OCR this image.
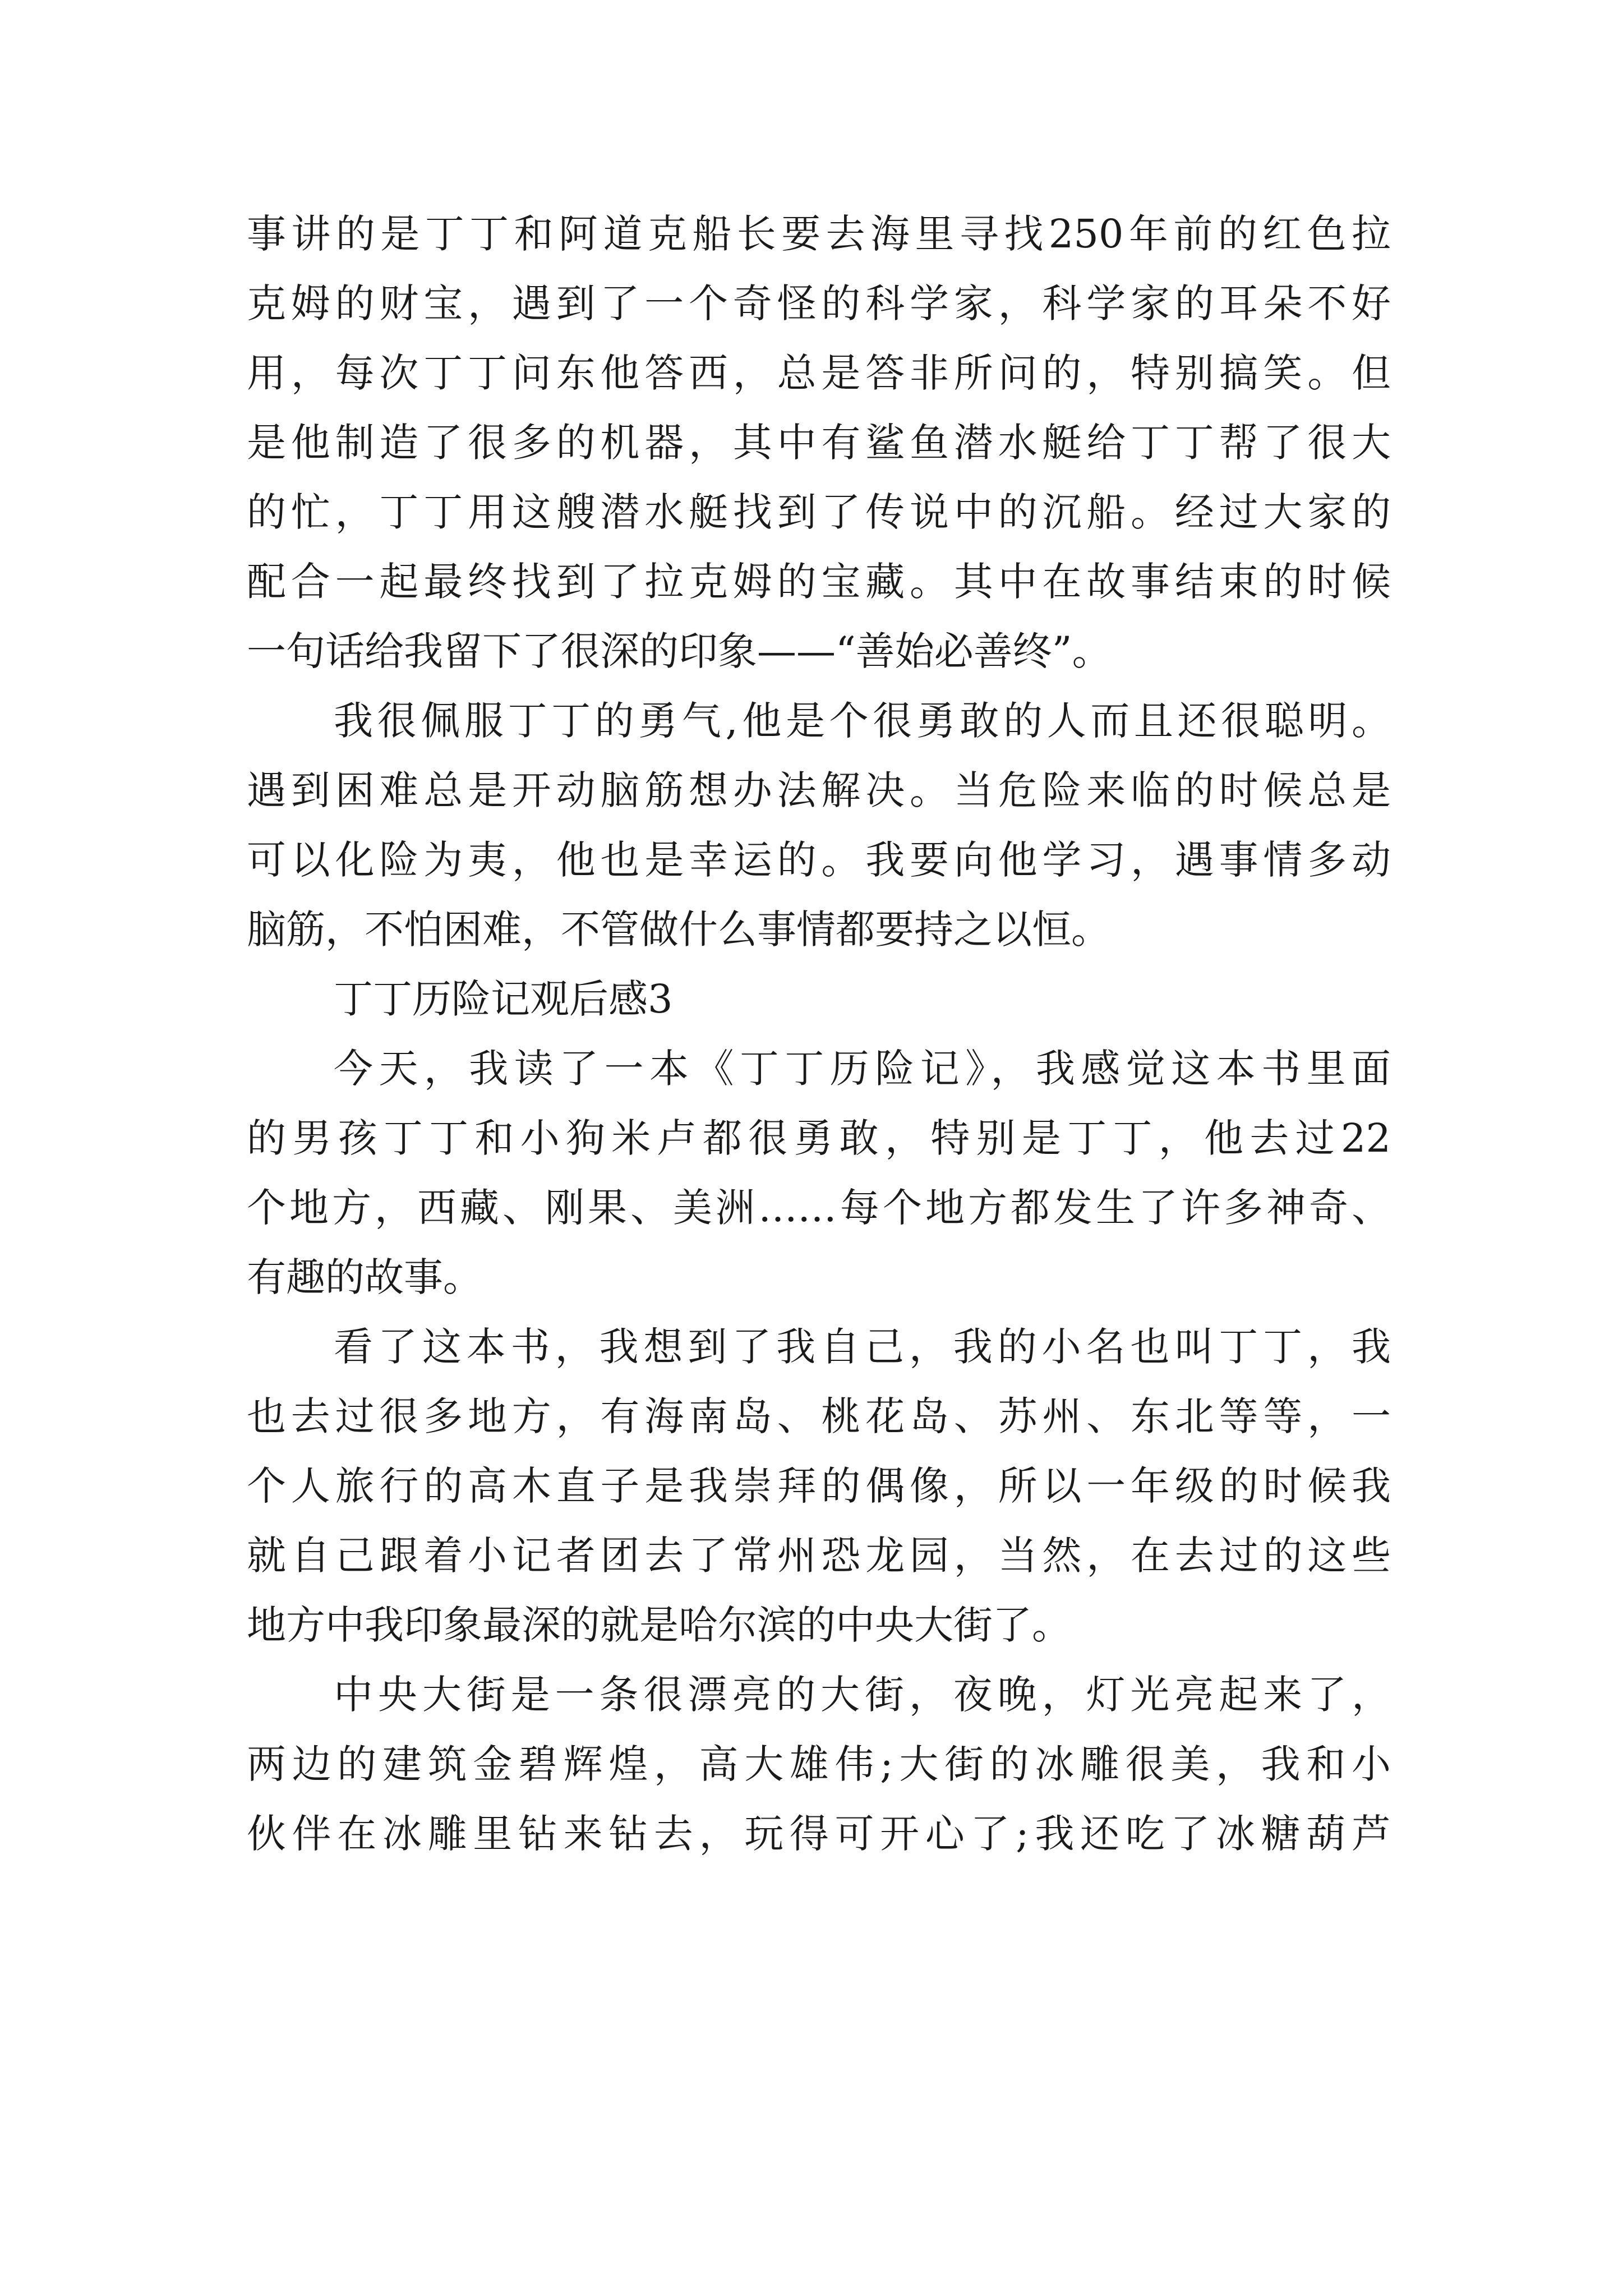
事讲的是丁丁和阿道克船长要去海里寻找250年前的红色拉
克姆的财宝，遇到了一个奇怪的科学家，科学家的耳朵不好
用，每次丁丁问东他答西，总是答非所问的，特别搞笑。但
是他制造了很多的机器，其中有鲨鱼潜水艇给丁丁帮了很大
的忙，丁丁用这艘潜水艇找到了传说中的沉船。经过大家的
配合一起最终找到了拉克姆的宝藏。其中在故事结束的时候
一句话给我留下了很深的印象——“善始必善终”。
我很佩服丁丁的勇气,他是个很勇敢的人而且还很聪明。
遇到困难总是开动脑筋想办法解决。当危险来临的时候总是
可以化险为夷，他也是幸运的。我要向他学习，遇事情多动
脑筋，不怕困难，不管做什么事情都要持之以恒。
丁丁历险记观后感3
今天，我读了一本《丁丁历险记》，我感觉这本书里面
的男孩丁丁和小狗米卢都很勇敢，特别是丁丁，他去过22
个地方，西藏、刚果、美洲……每个地方都发生了许多神奇、
有趣的故事。
看了这本书，我想到了我自己，我的小名也叫丁丁，我
也去过很多地方，有海南岛、桃花岛、苏州、东北等等，一
个人旅行的高木直子是我崇拜的偶像，所以一年级的时候我
就自己跟着小记者团去了常州恐龙园，当然，在去过的这些
地方中我印象最深的就是哈尔滨的中央大街了。
中央大街是一条很漂亮的大街，夜晚，灯光亮起来了，
两边的建筑金碧辉煌，高大雄伟;大街的冰雕很美，我和小
伙伴在冰雕里钻来钻去，玩得可开心了;我还吃了冰糖葫芦
